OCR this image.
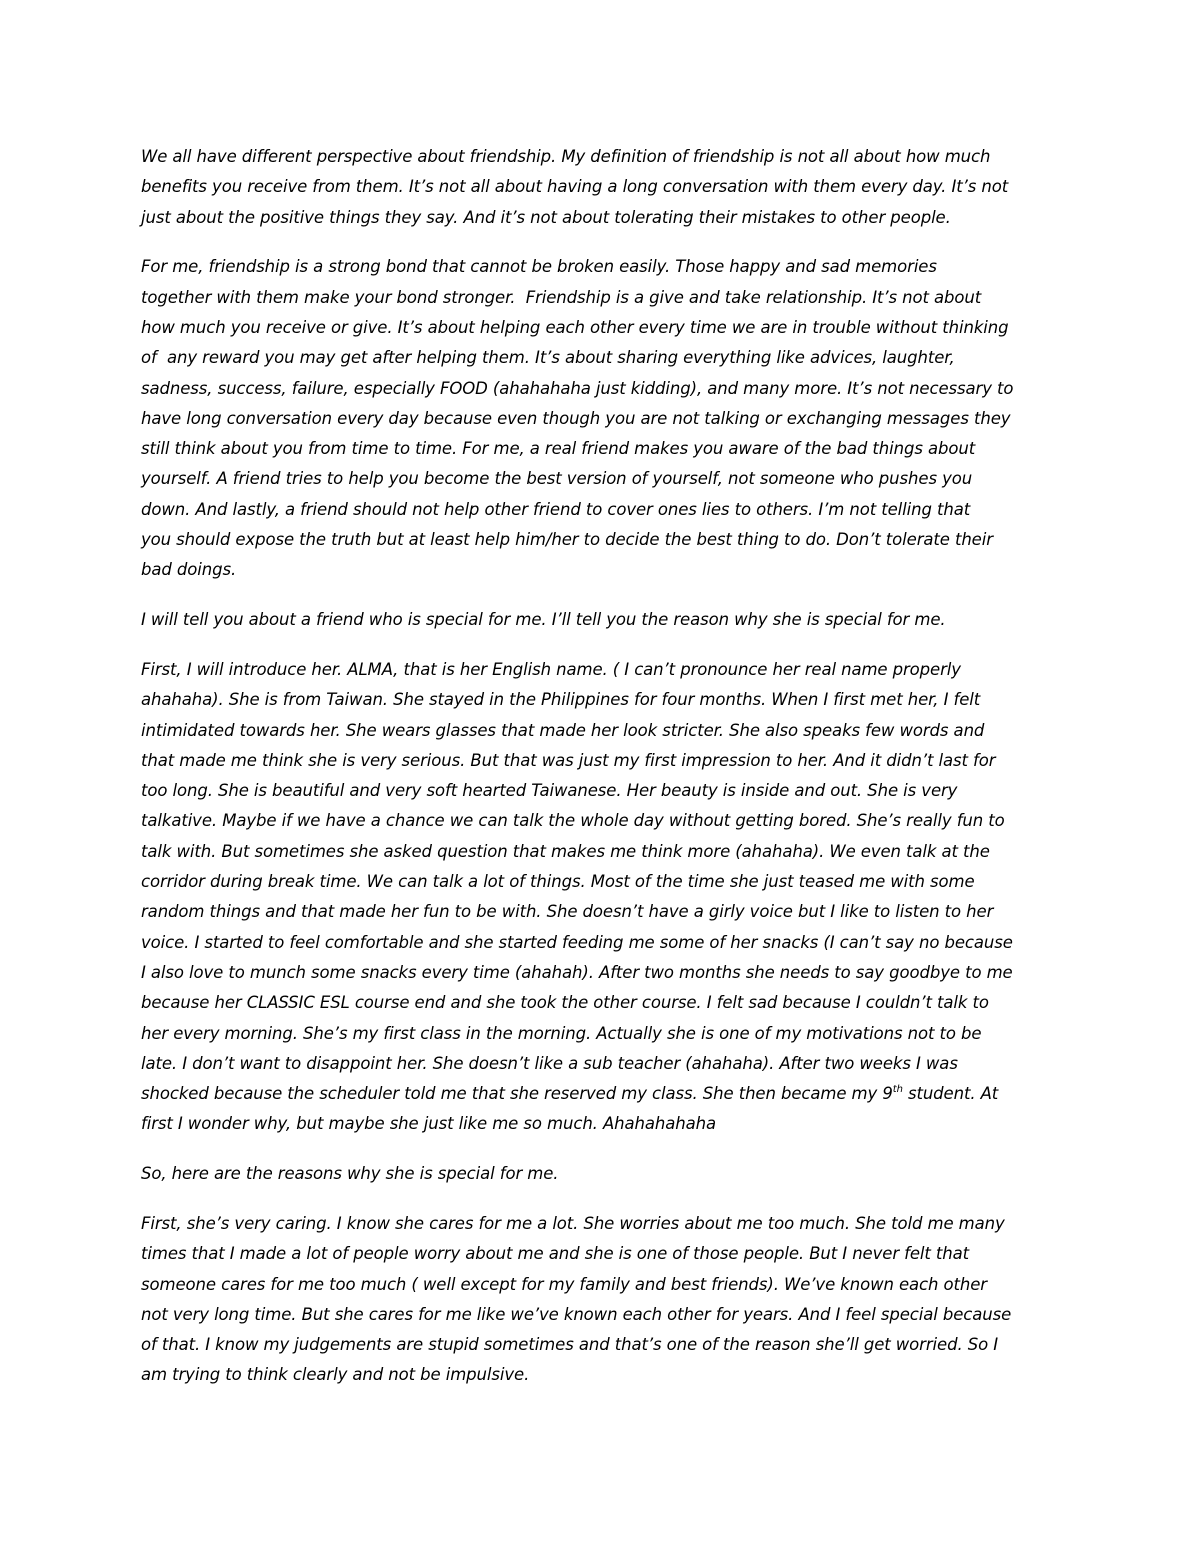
We all have different perspective about friendship. My definition of friendship is not all about how much
benefits you receive from them. It’s not all about having a long conversation with them every day. It’s not
just about the positive things they say. And it’s not about tolerating their mistakes to other people.
For me, friendship is a strong bond that cannot be broken easily. Those happy and sad memories
together with them make your bond stronger.  Friendship is a give and take relationship. It’s not about
how much you receive or give. It’s about helping each other every time we are in trouble without thinking
of  any reward you may get after helping them. It’s about sharing everything like advices, laughter,
sadness, success, failure, especially FOOD (ahahahaha just kidding), and many more. It’s not necessary to
have long conversation every day because even though you are not talking or exchanging messages they
still think about you from time to time. For me, a real friend makes you aware of the bad things about
yourself. A friend tries to help you become the best version of yourself, not someone who pushes you
down. And lastly, a friend should not help other friend to cover ones lies to others. I’m not telling that
you should expose the truth but at least help him/her to decide the best thing to do. Don’t tolerate their
bad doings.
I will tell you about a friend who is special for me. I’ll tell you the reason why she is special for me.
First, I will introduce her. ALMA, that is her English name. ( I can’t pronounce her real name properly
ahahaha). She is from Taiwan. She stayed in the Philippines for four months. When I first met her, I felt
intimidated towards her. She wears glasses that made her look stricter. She also speaks few words and
that made me think she is very serious. But that was just my first impression to her. And it didn’t last for
too long. She is beautiful and very soft hearted Taiwanese. Her beauty is inside and out. She is very
talkative. Maybe if we have a chance we can talk the whole day without getting bored. She’s really fun to
talk with. But sometimes she asked question that makes me think more (ahahaha). We even talk at the
corridor during break time. We can talk a lot of things. Most of the time she just teased me with some
random things and that made her fun to be with. She doesn’t have a girly voice but I like to listen to her
voice. I started to feel comfortable and she started feeding me some of her snacks (I can’t say no because
I also love to munch some snacks every time (ahahah). After two months she needs to say goodbye to me
because her CLASSIC ESL course end and she took the other course. I felt sad because I couldn’t talk to
her every morning. She’s my first class in the morning. Actually she is one of my motivations not to be
late. I don’t want to disappoint her. She doesn’t like a sub teacher (ahahaha). After two weeks I was
shocked because the scheduler told me that she reserved my class. She then became my 9th student. At
first I wonder why, but maybe she just like me so much. Ahahahahaha
So, here are the reasons why she is special for me.
First, she’s very caring. I know she cares for me a lot. She worries about me too much. She told me many
times that I made a lot of people worry about me and she is one of those people. But I never felt that
someone cares for me too much ( well except for my family and best friends). We’ve known each other
not very long time. But she cares for me like we’ve known each other for years. And I feel special because
of that. I know my judgements are stupid sometimes and that’s one of the reason she’ll get worried. So I
am trying to think clearly and not be impulsive.
